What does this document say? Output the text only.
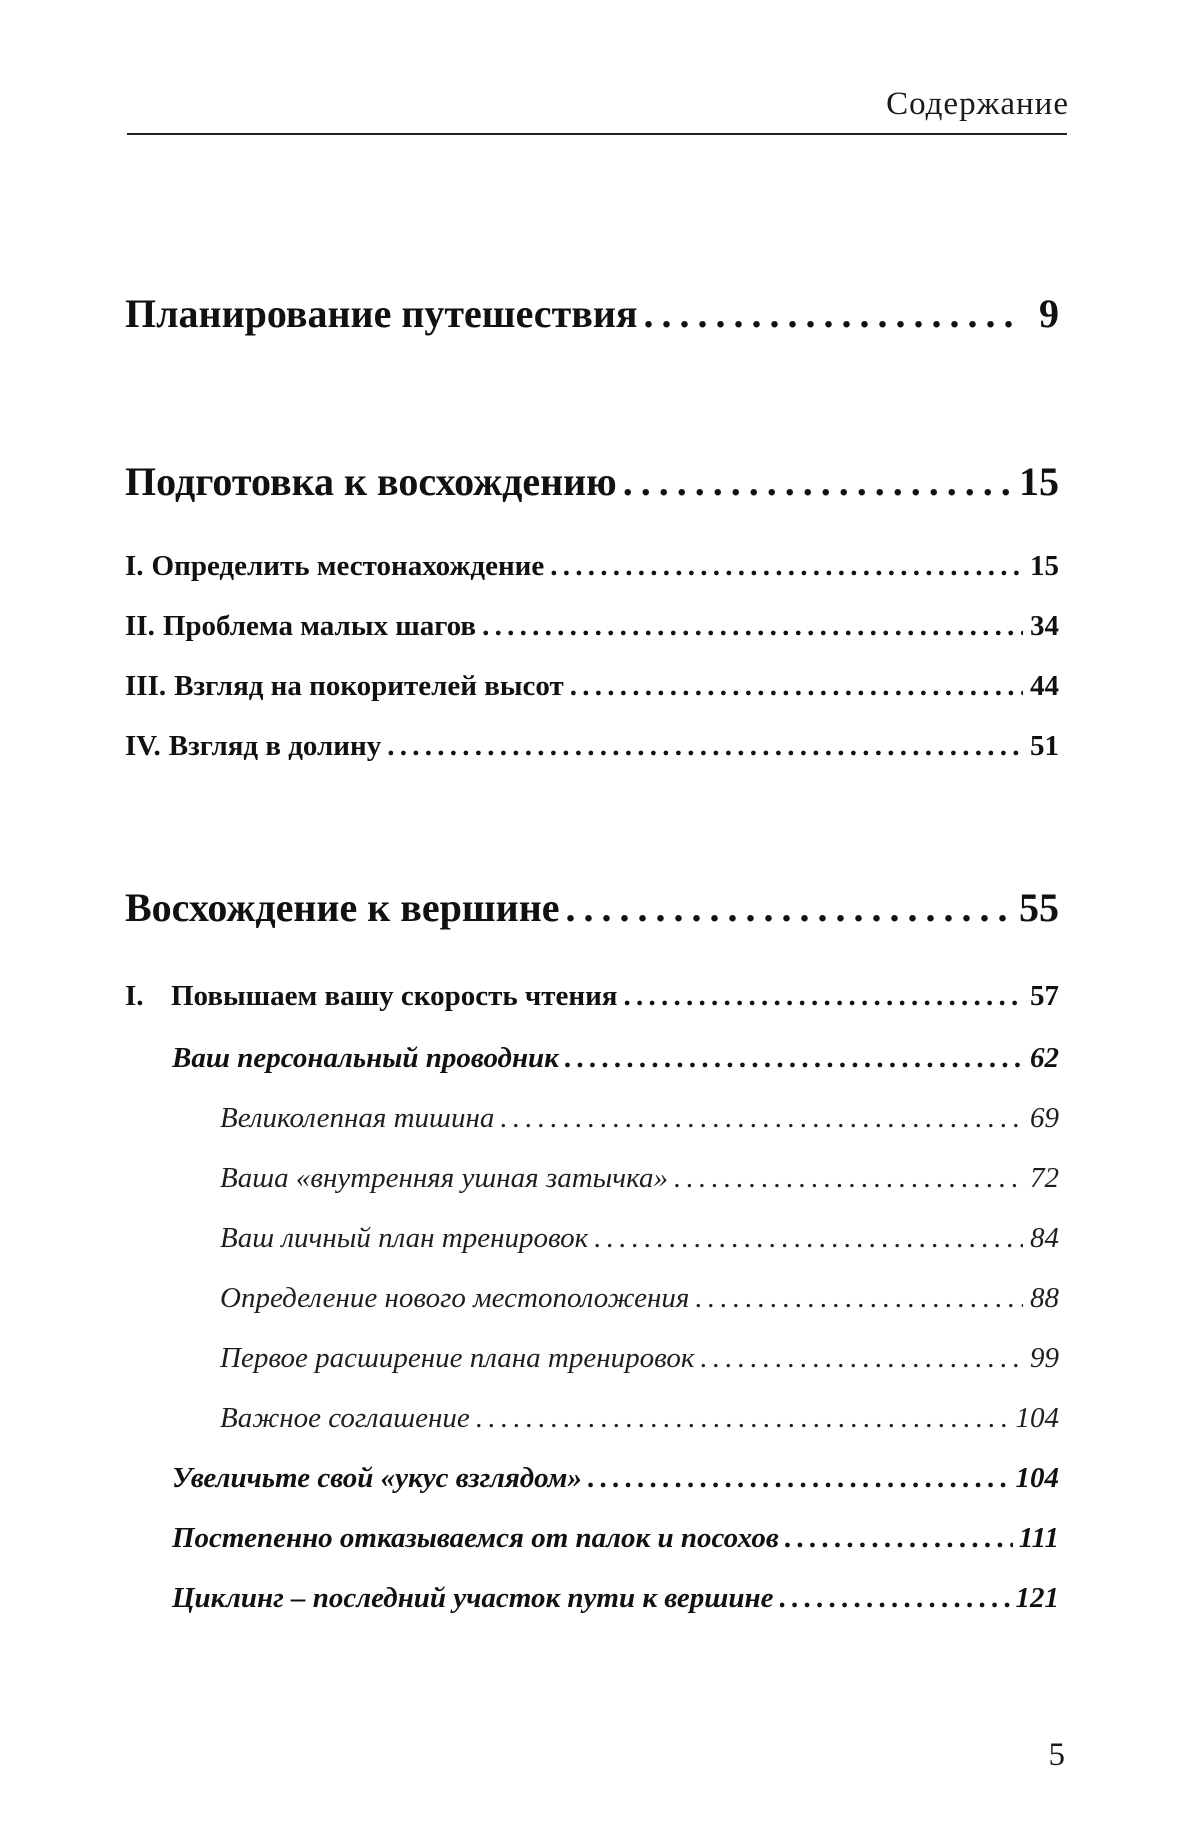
Содержание
Планирование путешествия . . .	9
Подготовка к восхождению . . .	15
I. Определить местонахождение . . .	15
II. Проблема малых шагов . . .	34
III. Взгляд на покорителей высот . . .	44
IV. Взгляд в долину . . .	51
Восхождение к вершине . . .	55
I. Повышаем вашу скорость чтения . . .	57
Ваш персональный проводник . . .	62
Великолепная тишина . . .	69
Ваша «внутренняя ушная затычка» . . .	72
Ваш личный план тренировок . . .	84
Определение нового местоположения . . .	88
Первое расширение плана тренировок . . .	99
Важное соглашение . . .	104
Увеличьте свой «укус взглядом» . . .	104
Постепенно отказываемся от палок и посохов . . .	111
Циклинг – последний участок пути к вершине . . .	121
5
